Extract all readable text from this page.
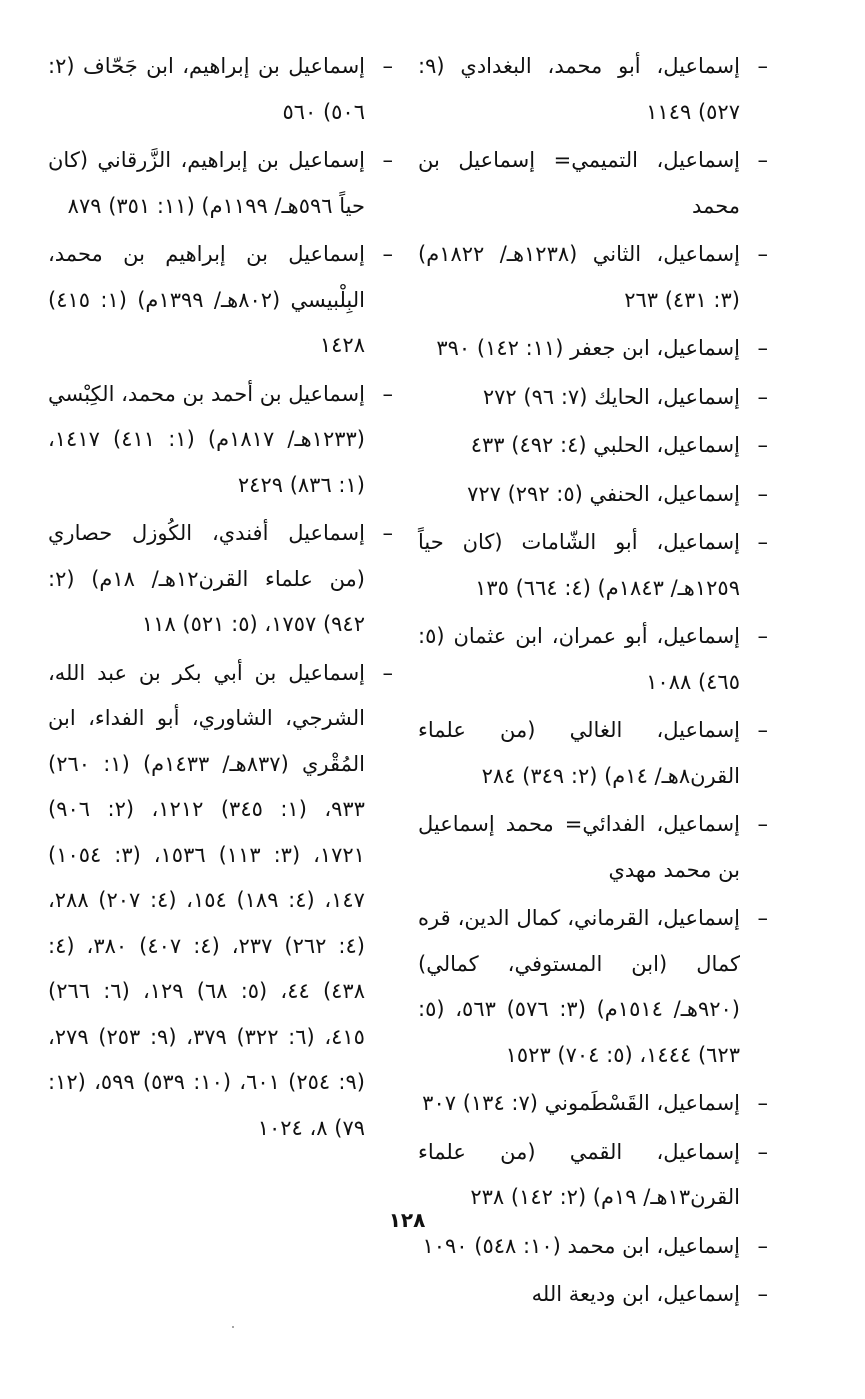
–
إسماعيل، أبو محمد، البغدادي (٩: ٥٢٧) ١١٤٩
–
إسماعيل، التميمي= إسماعيل بن محمد
–
إسماعيل، الثاني (١٢٣٨هـ/ ١٨٢٢م) (٣: ٤٣١) ٢٦٣
–
إسماعيل، ابن جعفر (١١: ١٤٢) ٣٩٠
–
إسماعيل، الحايك (٧: ٩٦) ٢٧٢
–
إسماعيل، الحلبي (٤: ٤٩٢) ٤٣٣
–
إسماعيل، الحنفي (٥: ٢٩٢) ٧٢٧
–
إسماعيل، أبو الشّامات (كان حياً ١٢٥٩هـ/ ١٨٤٣م) (٤: ٦٦٤) ١٣٥
–
إسماعيل، أبو عمران، ابن عثمان (٥: ٤٦٥) ١٠٨٨
–
إسماعيل، الغالي (من علماء القرن٨هـ/ ١٤م) (٢: ٣٤٩) ٢٨٤
–
إسماعيل، الفدائي= محمد إسماعيل بن محمد مهدي
–
إسماعيل، القرماني، كمال الدين، قره كمال (ابن المستوفي، كمالي) (٩٢٠هـ/ ١٥١٤م) (٣: ٥٧٦) ٥٦٣، (٥: ٦٢٣) ١٤٤٤، (٥: ٧٠٤) ١٥٢٣
–
إسماعيل، القَسْطَموني (٧: ١٣٤) ٣٠٧
–
إسماعيل، القمي (من علماء القرن١٣هـ/ ١٩م) (٢: ١٤٢) ٢٣٨
–
إسماعيل، ابن محمد (١٠: ٥٤٨) ١٠٩٠
–
إسماعيل، ابن وديعة الله
–
إسماعيل بن إبراهيم، ابن جَحّاف (٢: ٥٠٦) ٥٦٠
–
إسماعيل بن إبراهيم، الزَّرقاني (كان حياً ٥٩٦هـ/ ١١٩٩م) (١١: ٣٥١) ٨٧٩
–
إسماعيل بن إبراهيم بن محمد، البِلْبيسي (٨٠٢هـ/ ١٣٩٩م) (١: ٤١٥) ١٤٢٨
–
إسماعيل بن أحمد بن محمد، الكِبْسي (١٢٣٣هـ/ ١٨١٧م) (١: ٤١١) ١٤١٧، (١: ٨٣٦) ٢٤٢٩
–
إسماعيل أفندي، الكُوزل حصاري (من علماء القرن١٢هـ/ ١٨م) (٢: ٩٤٢) ١٧٥٧، (٥: ٥٢١) ١١٨
–
إسماعيل بن أبي بكر بن عبد الله، الشرجي، الشاوري، أبو الفداء، ابن المُقْري (٨٣٧هـ/ ١٤٣٣م) (١: ٢٦٠) ٩٣٣، (١: ٣٤٥) ١٢١٢، (٢: ٩٠٦) ١٧٢١، (٣: ١١٣) ١٥٣٦، (٣: ١٠٥٤) ١٤٧، (٤: ١٨٩) ١٥٤، (٤: ٢٠٧) ٢٨٨، (٤: ٢٦٢) ٢٣٧، (٤: ٤٠٧) ٣٨٠، (٤: ٤٣٨) ٤٤، (٥: ٦٨) ١٢٩، (٦: ٢٦٦) ٤١٥، (٦: ٣٢٢) ٣٧٩، (٩: ٢٥٣) ٢٧٩، (٩: ٢٥٤) ٦٠١، (١٠: ٥٣٩) ٥٩٩، (١٢: ٧٩) ٨، ١٠٢٤
١٢٨
